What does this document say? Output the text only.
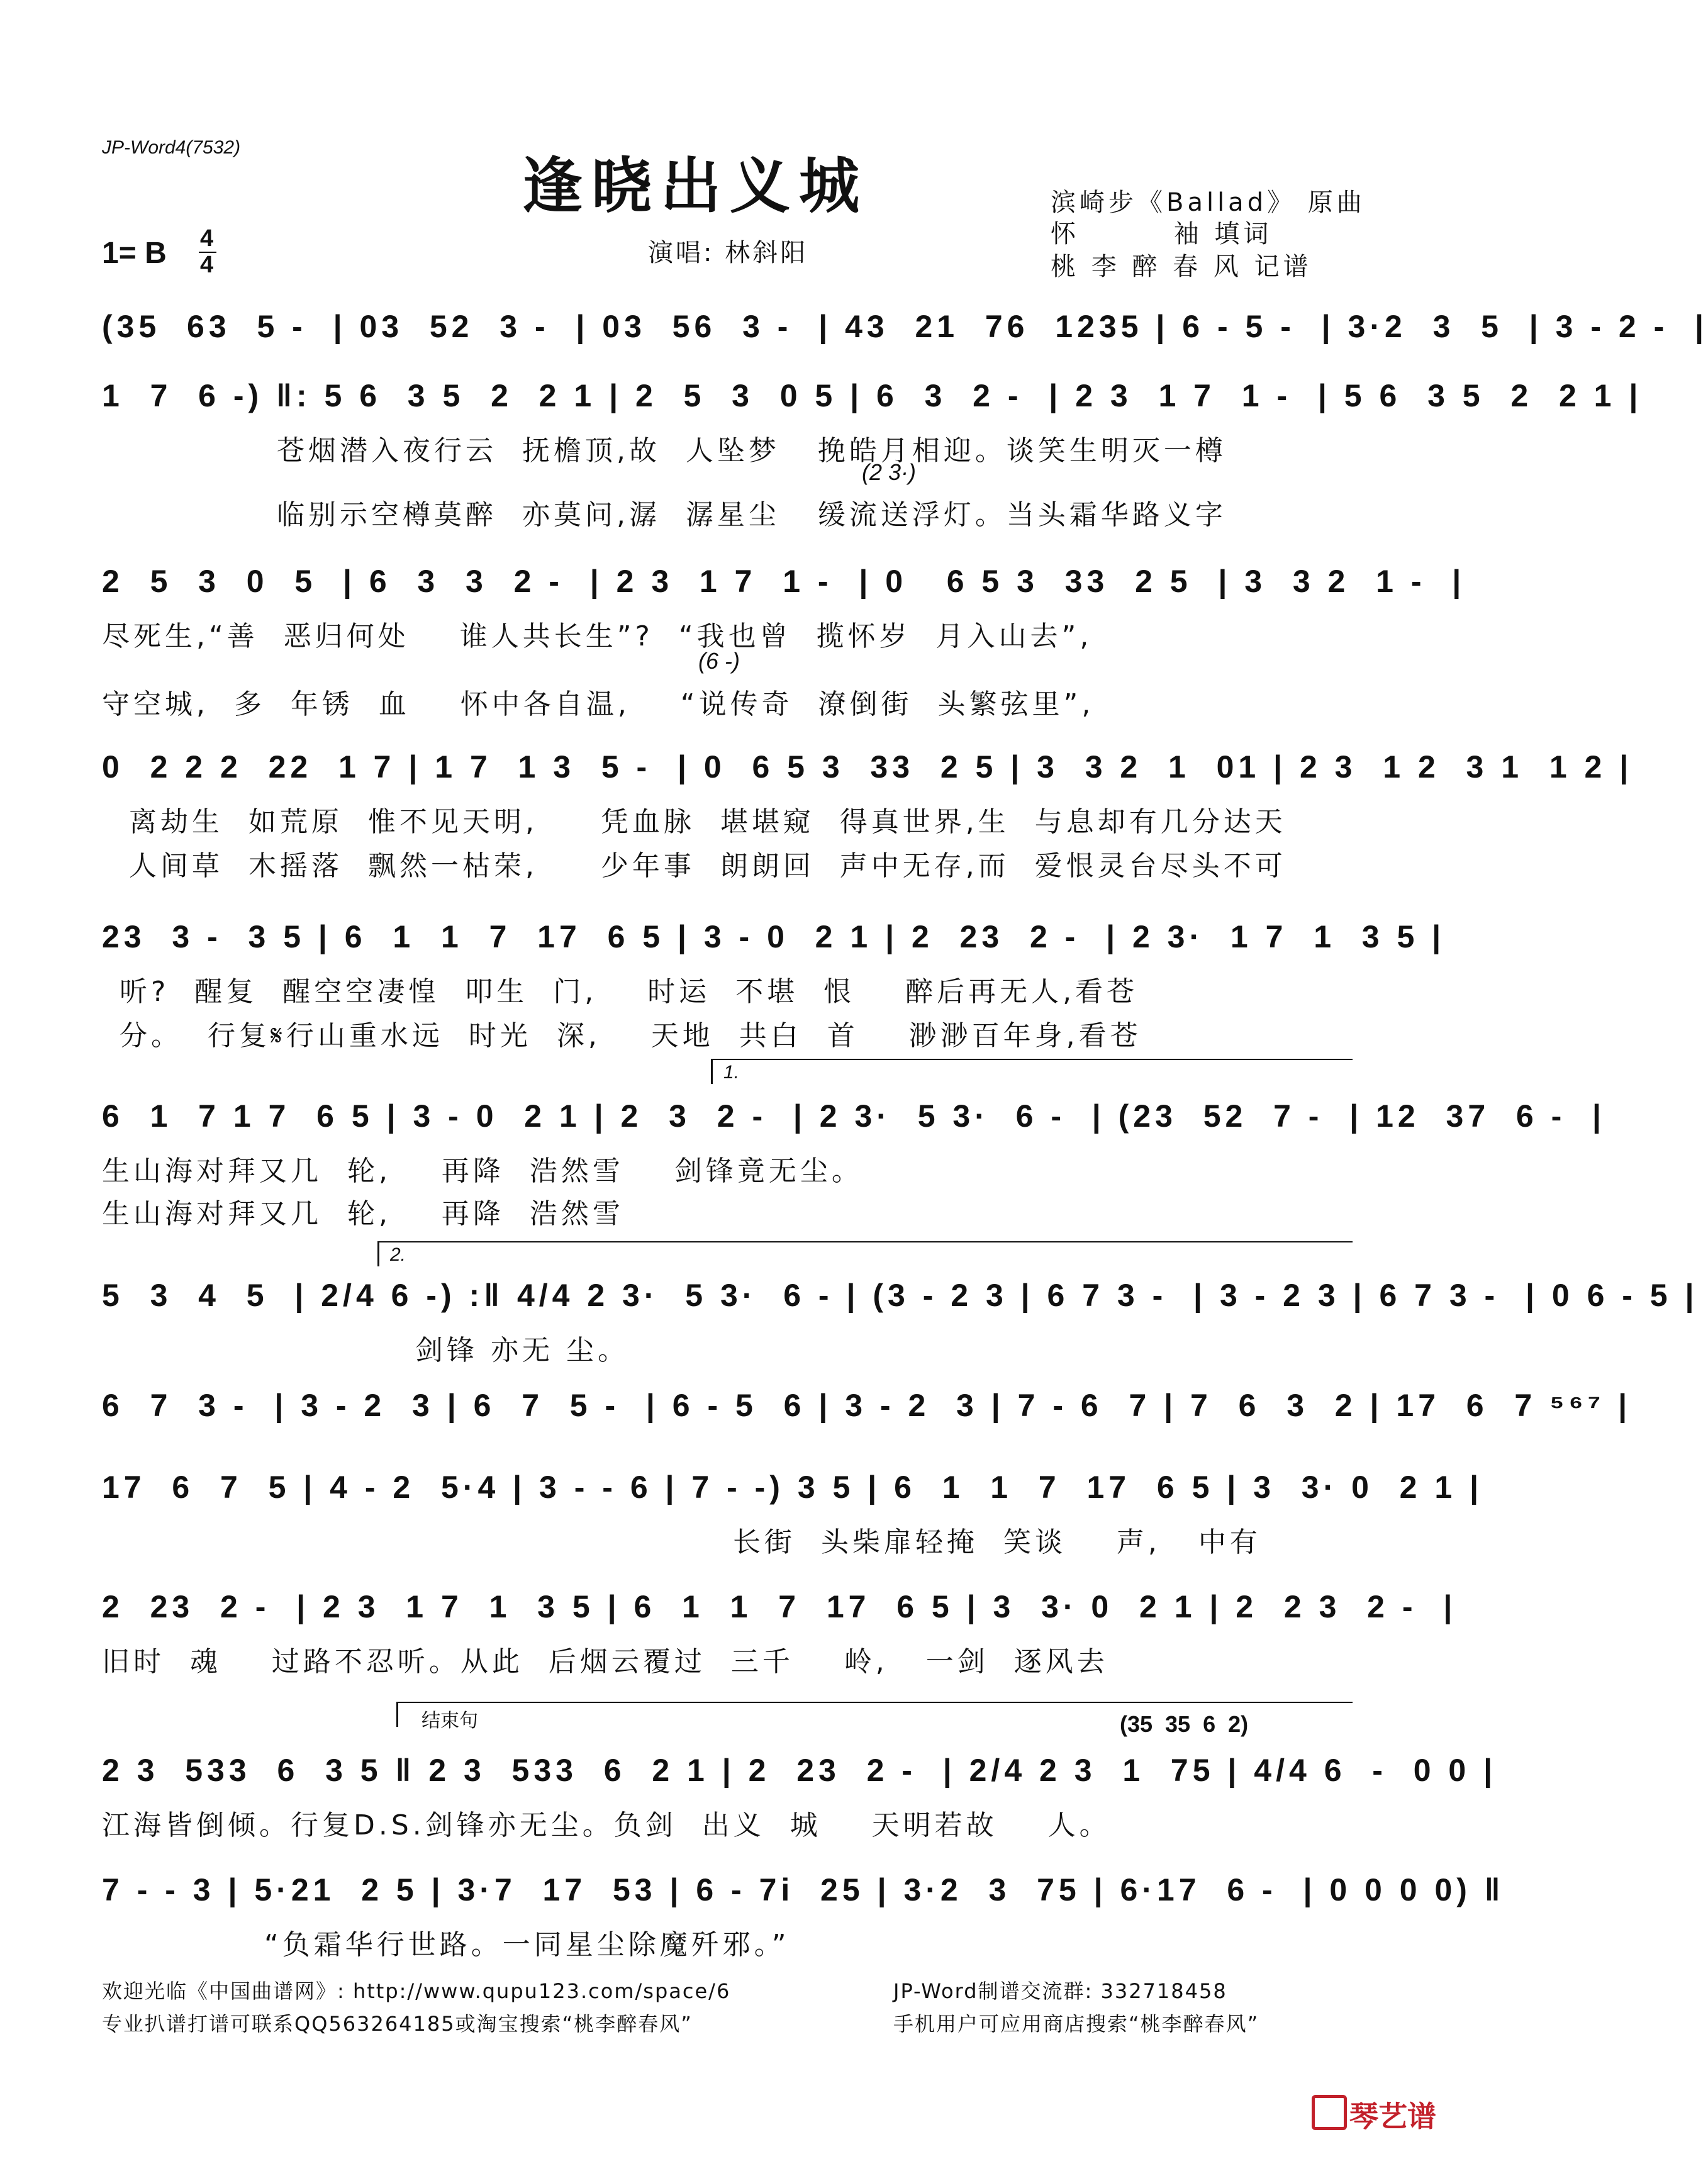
JP-Word4(7532)
逢晓出义城
演唱: 林斜阳
滨崎步《Ballad》 原曲
怀        袖 填词
桃 李 醉 春 风 记谱
1= B 4
4
(35  63  5 -  | 03  52  3 -  | 03  56  3 -  | 43  21  76  1235 | 6 - 5 -  | 3·2  3  5  | 3 - 2 -  |
1  7  6 -) ‖: 5 6  3 5  2  2 1 | 2  5  3  0 5 | 6  3  2 -  | 2 3  1 7  1 -  | 5 6  3 5  2  2 1 |
苍烟潜入夜行云  抚檐顶,故  人坠梦   挽皓月相迎。谈笑生明灭一樽
(2 3·)
临别示空樽莫醉  亦莫问,潺  潺星尘   缓流送浮灯。当头霜华路义字
2  5  3  0  5  | 6  3  3  2 -  | 2 3  1 7  1 -  | 0   6 5 3  33  2 5  | 3  3 2  1 -  |
尽死生,“善  恶归何处    谁人共长生”?  “我也曾  揽怀岁  月入山去”,
(6 -)
守空城,  多  年锈  血    怀中各自温,    “说传奇  潦倒街  头繁弦里”,
0  2 2 2  22  1 7 | 1 7  1 3  5 -  | 0  6 5 3  33  2 5 | 3  3 2  1  01 | 2 3  1 2  3 1  1 2 |
离劫生  如荒原  惟不见天明,     凭血脉  堪堪窥  得真世界,生  与息却有几分达天
人间草  木摇落  飘然一枯荣,     少年事  朗朗回  声中无存,而  爱恨灵台尽头不可
23  3 -  3 5 | 6  1  1  7  17  6 5 | 3 - 0  2 1 | 2  23  2 -  | 2 3·  1 7  1  3 5 |
听?  醒复  醒空空凄惶  叩生  门,    时运  不堪  恨    醉后再无人,看苍
分。  行复𝄋行山重水远  时光  深,    天地  共白  首    渺渺百年身,看苍
1.
6  1  7 1 7  6 5 | 3 - 0  2 1 | 2  3  2 -  | 2 3·  5 3·  6 -  | (23  52  7 -  | 12  37  6 -  |
生山海对拜又几  轮,    再降  浩然雪    剑锋竟无尘。
生山海对拜又几  轮,    再降  浩然雪
2.
5  3  4  5  | 2/4 6 -) :‖ 4/4 2 3·  5 3·  6 - | (3 - 2 3 | 6 7 3 -  | 3 - 2 3 | 6 7 3 -  | 0 6 - 5 |
剑锋 亦无 尘。
6  7  3 -  | 3 - 2  3 | 6  7  5 -  | 6 - 5  6 | 3 - 2  3 | 7 - 6  7 | 7  6  3  2 | 17  6  7 ⁵⁶⁷ |
17  6  7  5 | 4 - 2  5·4 | 3 - - 6 | 7 - -) 3 5 | 6  1  1  7  17  6 5 | 3  3· 0  2 1 |
长街  头柴扉轻掩  笑谈    声,   中有
2  23  2 -  | 2 3  1 7  1  3 5 | 6  1  1  7  17  6 5 | 3  3· 0  2 1 | 2  2 3  2 -  |
旧时  魂    过路不忍听。从此  后烟云覆过  三千    岭,   一剑  逐风去
结束句	(35  35  6  2)
2 3  533  6  3 5 ‖ 2 3  533  6  2 1 | 2  23  2 -  | 2/4 2 3  1  75 | 4/4 6  -  0 0 |
江海皆倒倾。行复D.S.剑锋亦无尘。负剑  出义  城    天明若故    人。
7 - - 3 | 5·21  2 5 | 3·7  17  53 | 6 - 7i  25 | 3·2  3  75 | 6·17  6 -  | 0 0 0 0) ‖
“负霜华行世路。一同星尘除魔歼邪。”
欢迎光临《中国曲谱网》: http://www.qupu123.com/space/6
专业扒谱打谱可联系QQ563264185或淘宝搜索“桃李醉春风”
JP-Word制谱交流群: 332718458
手机用户可应用商店搜索“桃李醉春风”
琴艺谱
